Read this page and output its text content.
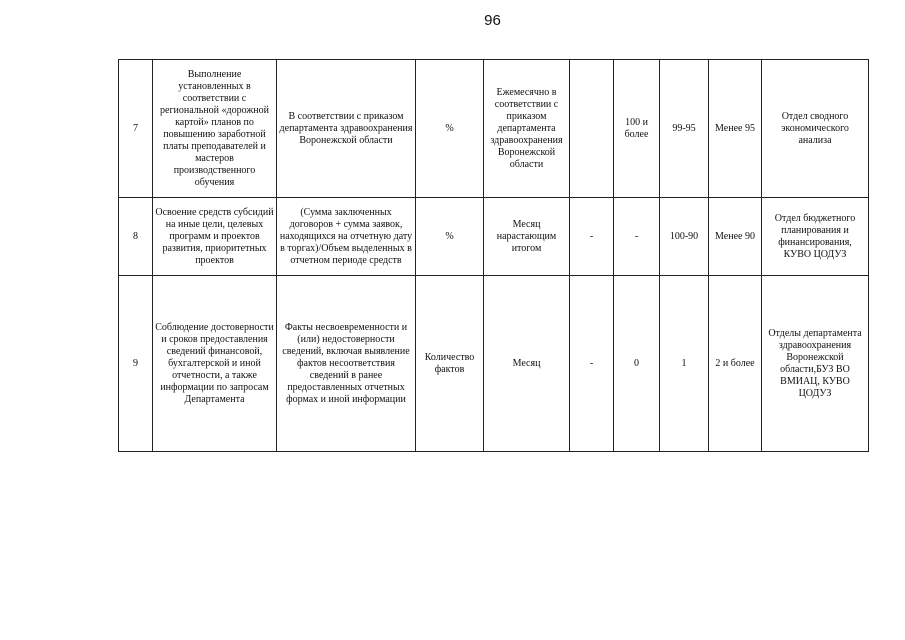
96
7	Выполнение установленных в соответствии с региональной «дорожной картой» планов по повышению заработной платы преподавателей и мастеров производственного обучения	В соответствии с приказом департамента здравоохранения Воронежской области	%	Ежемесячно в соответствии с приказом департамента здравоохранения Воронежской области		100 и более	99-95	Менее 95	Отдел сводного экономического анализа
8	Освоение средств субсидий на иные цели, целевых программ и проектов развития, приоритетных проектов	(Сумма заключенных договоров + сумма заявок, находящихся на отчетную дату в торгах)/Объем выделенных в отчетном периоде средств	%	Месяц нарастающим итогом	-	-	100-90	Менее 90	Отдел бюджетного планирования и финансирования, КУВО ЦОДУЗ
9	Соблюдение достоверности и сроков предоставления сведений финансовой, бухгалтерской и иной отчетности, а также информации по запросам Департамента	Факты несвоевременности и (или) недостоверности сведений, включая выявление фактов несоответствия сведений в ранее предоставленных отчетных формах и иной информации	Количество фактов	Месяц	-	0	1	2 и более	Отделы департамента здравоохранения Воронежской области,БУЗ ВО ВМИАЦ, КУВО ЦОДУЗ
